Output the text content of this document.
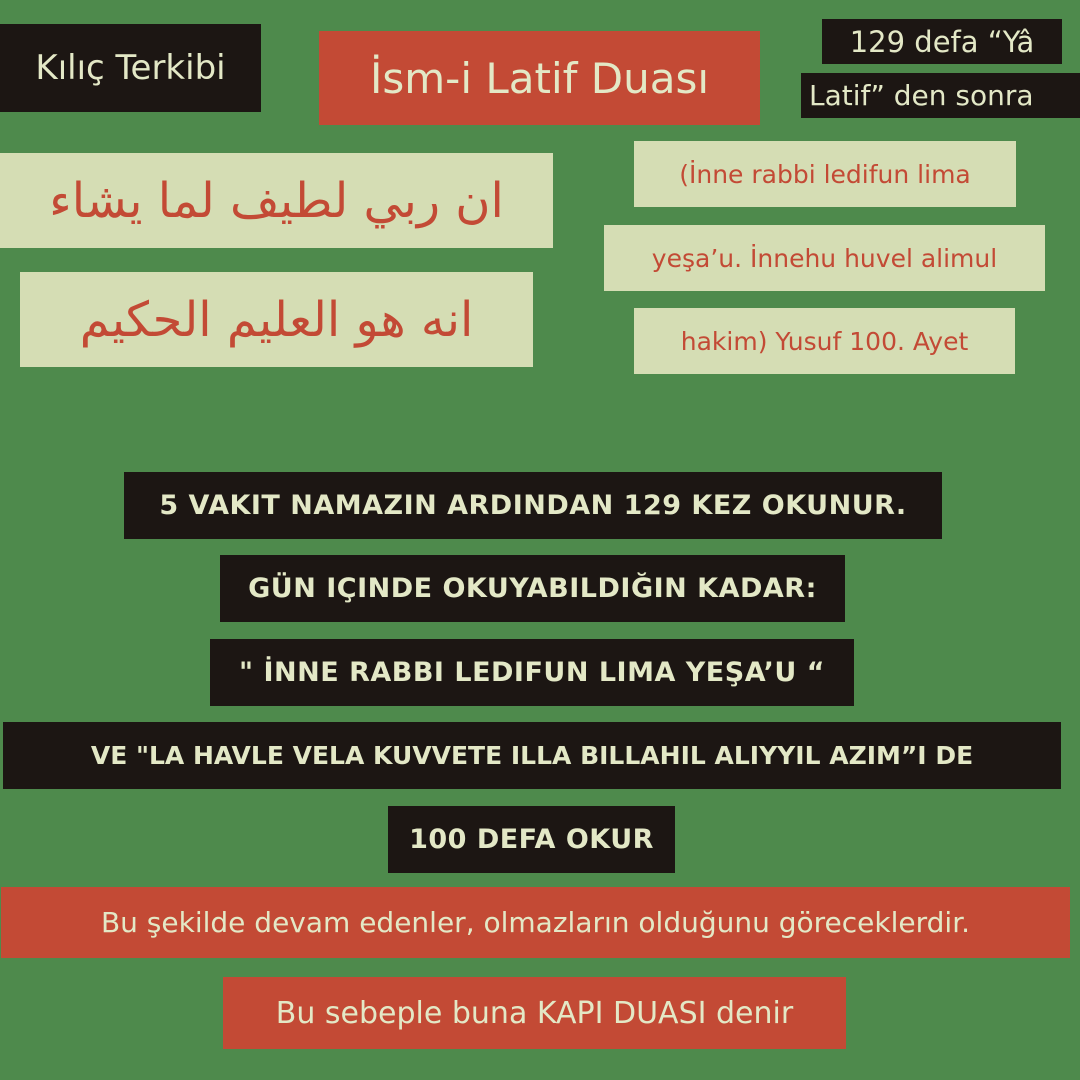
Kılıç Terkibi	İsm-i Latif Duası
129 defa “Yâ
Latif” den sonra
ان ربي لطيف لما يشاء
انه هو العليم الحكيم
(İnne rabbi ledifun lima
yeşa’u. İnnehu huvel alimul
hakim) Yusuf 100. Ayet
5 VAKIT NAMAZIN ARDINDAN 129 KEZ OKUNUR.
GÜN IÇINDE OKUYABILDIĞIN KADAR:
" İNNE RABBI LEDIFUN LIMA YEŞA’U “
VE "LA HAVLE VELA KUVVETE ILLA BILLAHIL ALIYYIL AZIM”I DE
100 DEFA OKUR
Bu şekilde devam edenler, olmazların olduğunu göreceklerdir.
Bu sebeple buna KAPI DUASI denir
